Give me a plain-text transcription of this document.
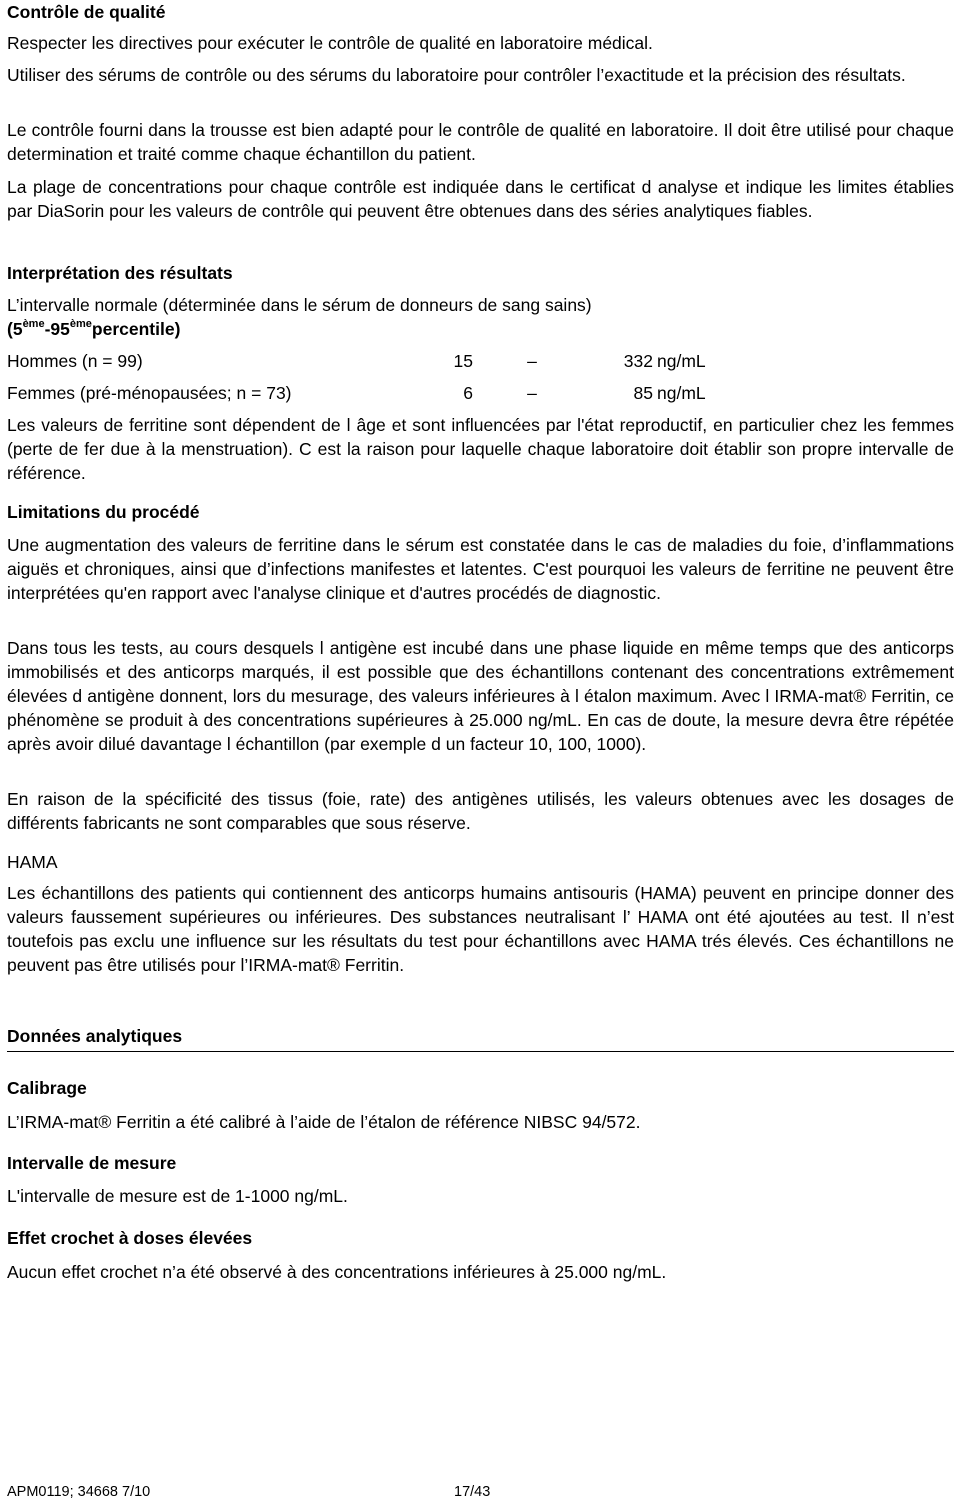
Contrôle de qualité

Respecter les directives pour exécuter le contrôle de qualité en laboratoire médical.

Utiliser des sérums de contrôle ou des sérums du laboratoire pour contrôler l’exactitude et la précision des résultats.

Le contrôle fourni dans la trousse est bien adapté pour le contrôle de qualité en laboratoire. Il doit être utilisé pour chaque determination et traité comme chaque échantillon du patient.

La plage de concentrations pour chaque contrôle est indiquée dans le certificat d analyse et indique les limites établies par DiaSorin pour les valeurs de contrôle qui peuvent être obtenues dans des séries analytiques fiables.

Interprétation des résultats

L’intervalle normale (déterminée dans le sérum de donneurs de sang sains)

(5ème-95èmepercentile)

Hommes (n = 99)	15	–	332 ng/mL
Femmes (pré-ménopausées; n = 73)	6	–	85 ng/mL

Les valeurs de ferritine sont dépendent de l âge et sont influencées par l'état reproductif, en particulier chez les femmes (perte de fer due à la menstruation). C est la raison pour laquelle chaque laboratoire doit établir son propre intervalle de référence.

Limitations du procédé

Une augmentation des valeurs de ferritine dans le sérum est constatée dans le cas de maladies du foie, d’inflammations aiguës et chroniques, ainsi que d’infections manifestes et latentes. C'est pourquoi les valeurs de ferritine ne peuvent être interprétées qu'en rapport avec l'analyse clinique et d'autres procédés de diagnostic.

Dans tous les tests, au cours desquels l antigène est incubé dans une phase liquide en même temps que des anticorps immobilisés et des anticorps marqués, il est possible que des échantillons contenant des concentrations extrêmement élevées d antigène donnent, lors du mesurage, des valeurs inférieures à l étalon maximum. Avec l IRMA-mat® Ferritin, ce phénomène se produit à des concentrations supérieures à 25.000 ng/mL. En cas de doute, la mesure devra être répétée après avoir dilué davantage l échantillon (par exemple d un facteur 10, 100, 1000).

En raison de la spécificité des tissus (foie, rate) des antigènes utilisés, les valeurs obtenues avec les dosages de différents fabricants ne sont comparables que sous réserve.

HAMA

Les échantillons des patients qui contiennent des anticorps humains antisouris (HAMA) peuvent en principe donner des valeurs faussement supérieures ou inférieures. Des substances neutralisant l’ HAMA ont été ajoutées au test. Il n’est toutefois pas exclu une influence sur les résultats du test pour échantillons avec HAMA trés élevés. Ces échantillons ne peuvent pas être utilisés pour l’IRMA-mat® Ferritin.

Données analytiques
Calibrage

L’IRMA-mat® Ferritin a été calibré à l’aide de l’étalon de référence NIBSC 94/572.

Intervalle de mesure

L'intervalle de mesure est de 1-1000 ng/mL.

Effet crochet à doses élevées

Aucun effet crochet n’a été observé à des concentrations inférieures à 25.000 ng/mL.

APM0119; 34668 7/10	17/43
